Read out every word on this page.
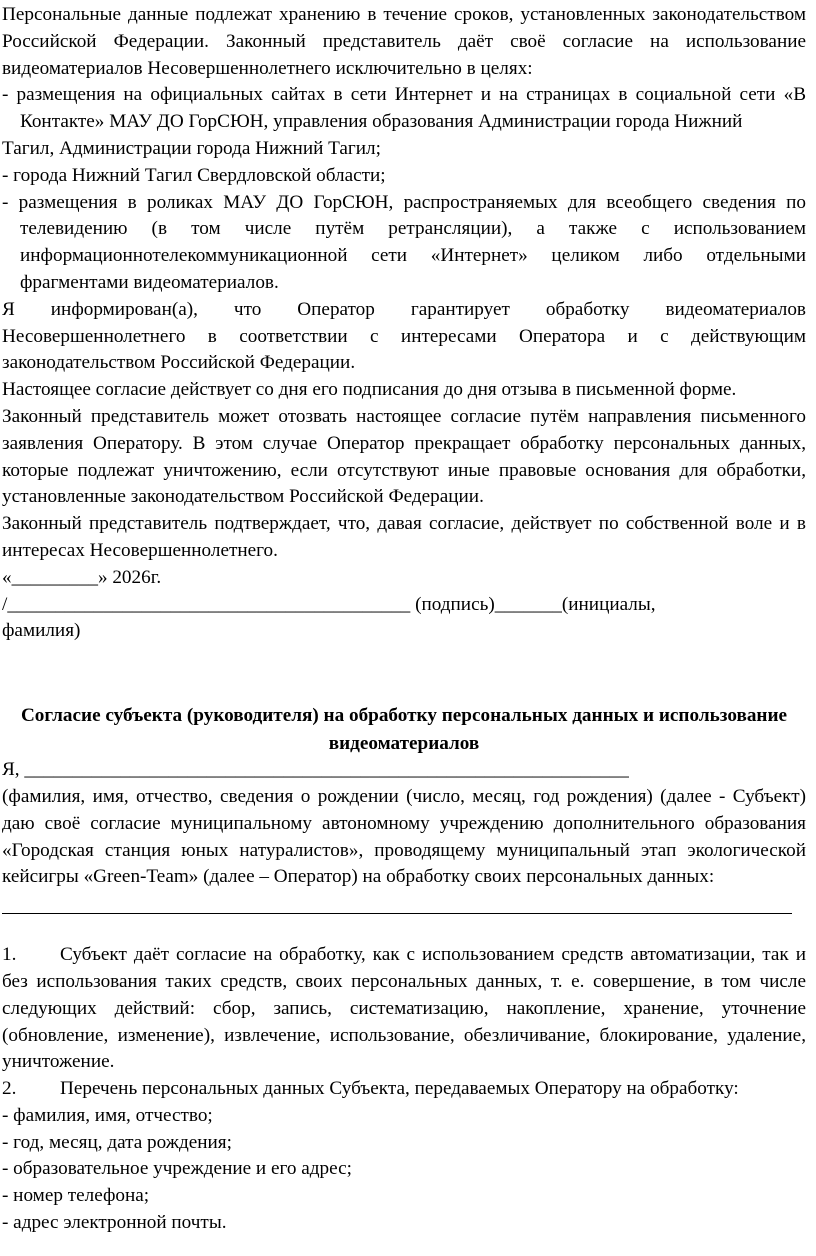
Персональные данные подлежат хранению в течение сроков, установленных законодательством Российской Федерации. Законный представитель даёт своё согласие на использование видеоматериалов Несовершеннолетнего исключительно в целях:

- размещения на официальных сайтах в сети Интернет и на страницах в социальной сети «В Контакте» МАУ ДО ГорСЮН, управления образования Администрации города Нижний

Тагил, Администрации города Нижний Тагил;

- города Нижний Тагил Свердловской области;

- размещения в роликах МАУ ДО ГорСЮН, распространяемых для всеобщего сведения по телевидению (в том числе путём ретрансляции), а также с использованием информационнотелекоммуникационной сети «Интернет» целиком либо отдельными фрагментами видеоматериалов.

Я информирован(а), что Оператор гарантирует обработку видеоматериалов Несовершеннолетнего в соответствии с интересами Оператора и с действующим законодательством Российской Федерации.

Настоящее согласие действует со дня его подписания до дня отзыва в письменной форме.

Законный представитель может отозвать настоящее согласие путём направления письменного заявления Оператору. В этом случае Оператор прекращает обработку персональных данных, которые подлежат уничтожению, если отсутствуют иные правовые основания для обработки, установленные законодательством Российской Федерации.

Законный представитель подтверждает, что, давая согласие, действует по собственной воле и в интересах Несовершеннолетнего.

«_________» 2026г.

/__________________________________________ (подпись)_______(инициалы,

фамилия)

Согласие субъекта (руководителя) на обработку персональных данных и использование видеоматериалов

Я, _______________________________________________________________

(фамилия, имя, отчество, сведения о рождении (число, месяц, год рождения) (далее - Субъект) даю своё согласие муниципальному автономному учреждению дополнительного образования «Городская станция юных натуралистов», проводящему муниципальный этап экологической кейсигры «Green-Team» (далее – Оператор) на обработку своих персональных данных:

1. Субъект даёт согласие на обработку, как с использованием средств автоматизации, так и без использования таких средств, своих персональных данных, т. е. совершение, в том числе следующих действий: сбор, запись, систематизацию, накопление, хранение, уточнение (обновление, изменение), извлечение, использование, обезличивание, блокирование, удаление, уничтожение.

2. Перечень персональных данных Субъекта, передаваемых Оператору на обработку:

- фамилия, имя, отчество;

- год, месяц, дата рождения;

- образовательное учреждение и его адрес;

- номер телефона;

- адрес электронной почты.
